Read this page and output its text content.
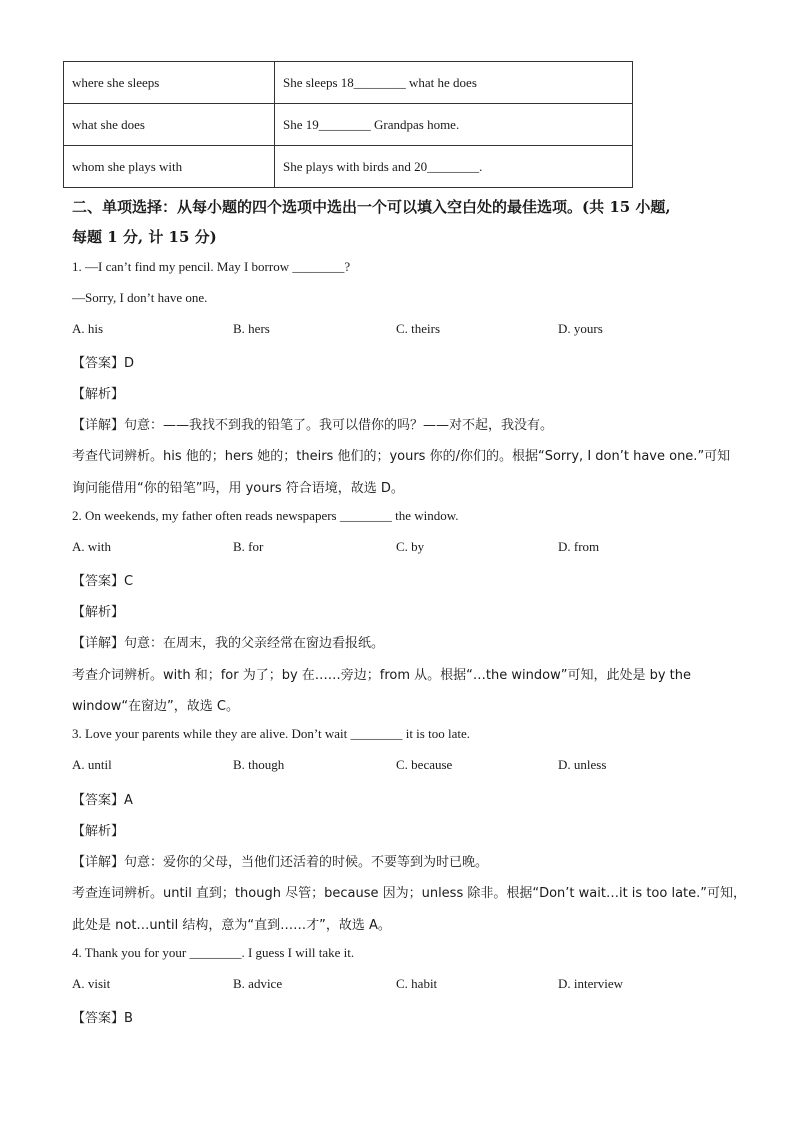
where she sleeps	She sleeps 18________ what he does
what she does	She 19________ Grandpas home.
whom she plays with	She plays with birds and 20________.
二、单项选择：从每小题的四个选项中选出一个可以填入空白处的最佳选项。(共 15 小题,
每题 1 分, 计 15 分)
1. —I can’t find my pencil. May I borrow ________?
—Sorry, I don’t have one.
A. his	B. hers	C. theirs	D. yours
【答案】D
【解析】
【详解】句意：——我找不到我的铅笔了。我可以借你的吗？——对不起，我没有。
考查代词辨析。his 他的；hers 她的；theirs 他们的；yours 你的/你们的。根据“Sorry, I don’t have one.”可知
询问能借用“你的铅笔”吗，用 yours 符合语境，故选 D。
2. On weekends, my father often reads newspapers ________ the window.
A. with	B. for	C. by	D. from
【答案】C
【解析】
【详解】句意：在周末，我的父亲经常在窗边看报纸。
考查介词辨析。with 和；for 为了；by 在……旁边；from 从。根据“…the window”可知，此处是 by the
window“在窗边”，故选 C。
3. Love your parents while they are alive. Don’t wait ________ it is too late.
A. until	B. though	C. because	D. unless
【答案】A
【解析】
【详解】句意：爱你的父母，当他们还活着的时候。不要等到为时已晚。
考查连词辨析。until 直到；though 尽管；because 因为；unless 除非。根据“Don’t wait…it is too late.”可知，
此处是 not…until 结构，意为“直到……才”，故选 A。
4. Thank you for your ________. I guess I will take it.
A. visit	B. advice	C. habit	D. interview
【答案】B
